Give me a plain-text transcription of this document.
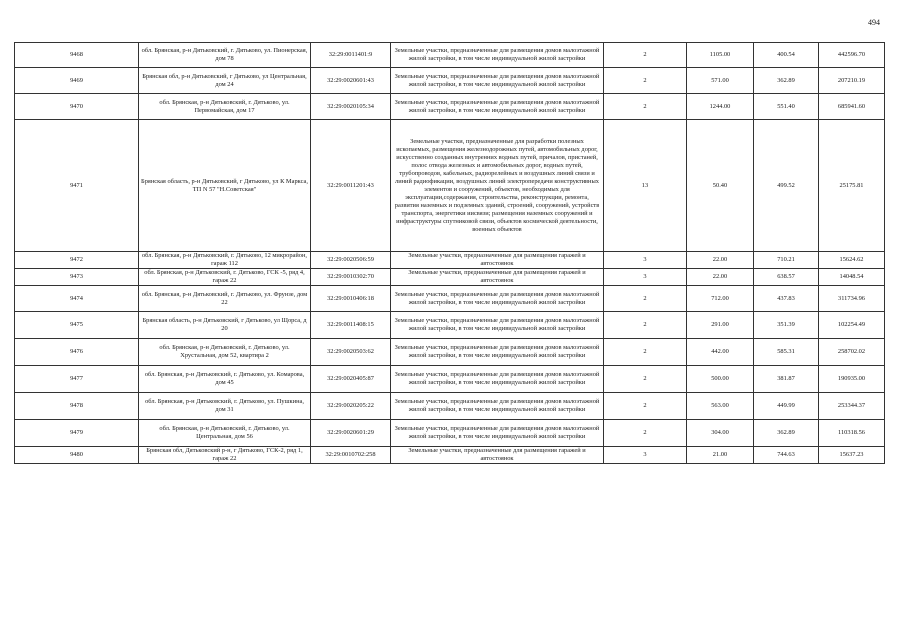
494
9468	обл. Брянская, р-н Дятьковский, г. Дятьково, ул. Пионерская, дом 78	32:29:0011401:9	Земельные участки, предназначенные для размещения домов малоэтажной жилой застройки, в том числе индивидуальной жилой застройки	2	1105.00	400.54	442596.70
9469	Брянская обл, р-н Дятьковский, г Дятьково, ул Центральная, дом 24	32:29:0020601:43	Земельные участки, предназначенные для размещения домов малоэтажной жилой застройки, в том числе индивидуальной жилой застройки	2	571.00	362.89	207210.19
9470	обл. Брянская, р-н Дятьковский, г. Дятьково, ул. Первомайская, дом 17	32:29:0020105:34	Земельные участки, предназначенные для размещения домов малоэтажной жилой застройки, в том числе индивидуальной жилой застройки	2	1244.00	551.40	685941.60
9471	Брянская область, р-н Дятьковский, г Дятьково, ул К Маркса, ТП N 57 "Н.Советская"	32:29:0011201:43	Земельные участки, предназначенные для разработки полезных ископаемых, размещения железнодорожных путей, автомобильных дорог, искусственно созданных внутренних водных путей, причалов, пристаней, полос отвода железных и автомобильных дорог, водных путей, трубопроводов, кабельных, радиорелейных и воздушных линий связи и линий радиофикации, воздушных линий электропередачи конструктивных элементов и сооружений, объектов, необходимых для эксплуатации,содержания, строительства, реконструкции, ремонта, развития наземных и подземных зданий, строений, сооружений, устройств транспорта, энергетики иисвязи; размещения наземных сооружений и инфраструктуры спутниковой связи, объектов космической деятельности, военных объектов	13	50.40	499.52	25175.81
9472	обл. Брянская, р-н Дятьковский, г. Дятьково, 12 микрорайон, гараж 112	32:29:0020506:59	Земельные участки, предназначенные для размещения гаражей и автостоянок	3	22.00	710.21	15624.62
9473	обл. Брянская, р-н Дятьковский, г. Дятьково, ГСК -5, ряд 4, гараж 22	32:29:0010302:70	Земельные участки, предназначенные для размещения гаражей и автостоянок	3	22.00	638.57	14048.54
9474	обл. Брянская, р-н Дятьковский, г. Дятьково, ул. Фрунзе, дом 22	32:29:0010406:18	Земельные участки, предназначенные для размещения домов малоэтажной жилой застройки, в том числе индивидуальной жилой застройки	2	712.00	437.83	311734.96
9475	Брянская область, р-н Дятьковский, г Дятьково, ул Щорса, д 20	32:29:0011408:15	Земельные участки, предназначенные для размещения домов малоэтажной жилой застройки, в том числе индивидуальной жилой застройки	2	291.00	351.39	102254.49
9476	обл. Брянская, р-н Дятьковский, г. Дятьково, ул. Хрустальная, дом 52, квартира 2	32:29:0020503:62	Земельные участки, предназначенные для размещения домов малоэтажной жилой застройки, в том числе индивидуальной жилой застройки	2	442.00	585.31	258702.02
9477	обл. Брянская, р-н Дятьковский, г. Дятьково, ул. Комарова, дом 45	32:29:0020405:87	Земельные участки, предназначенные для размещения домов малоэтажной жилой застройки, в том числе индивидуальной жилой застройки	2	500.00	381.87	190935.00
9478	обл. Брянская, р-н Дятьковский, г. Дятьково, ул. Пушкина, дом 31	32:29:0020205:22	Земельные участки, предназначенные для размещения домов малоэтажной жилой застройки, в том числе индивидуальной жилой застройки	2	563.00	449.99	253344.37
9479	обл. Брянская, р-н Дятьковский, г. Дятьково, ул. Центральная, дом 56	32:29:0020601:29	Земельные участки, предназначенные для размещения домов малоэтажной жилой застройки, в том числе индивидуальной жилой застройки	2	304.00	362.89	110318.56
9480	Брянская обл, Дятьковский р-н, г Дятьково, ГСК-2, ряд 1, гараж 22	32:29:0010702:258	Земельные участки, предназначенные для размещения гаражей и автостоянок	3	21.00	744.63	15637.23
